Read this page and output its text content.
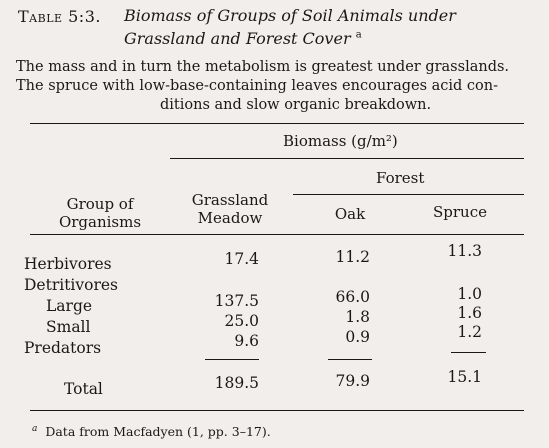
Table 5:3. Biomass of Groups of Soil Animals under
Grassland and Forest Cover $^a$
The mass and in turn the metabolism is greatest under grasslands.
The spruce with low-base-containing leaves encourages acid con-
ditions and slow organic breakdown.
Biomass (g/m²)
Forest
Group of
Organisms
Grassland
Meadow	Oak	Spruce
Herbivores
Detritivores
Large
Small
Predators
Total
17.4
137.5
25.0
9.6
189.5
11.2
66.0
1.8
0.9
79.9
11.3
1.0
1.6
1.2
15.1
$^a$ Data from Macfadyen (1, pp. 3–17).
